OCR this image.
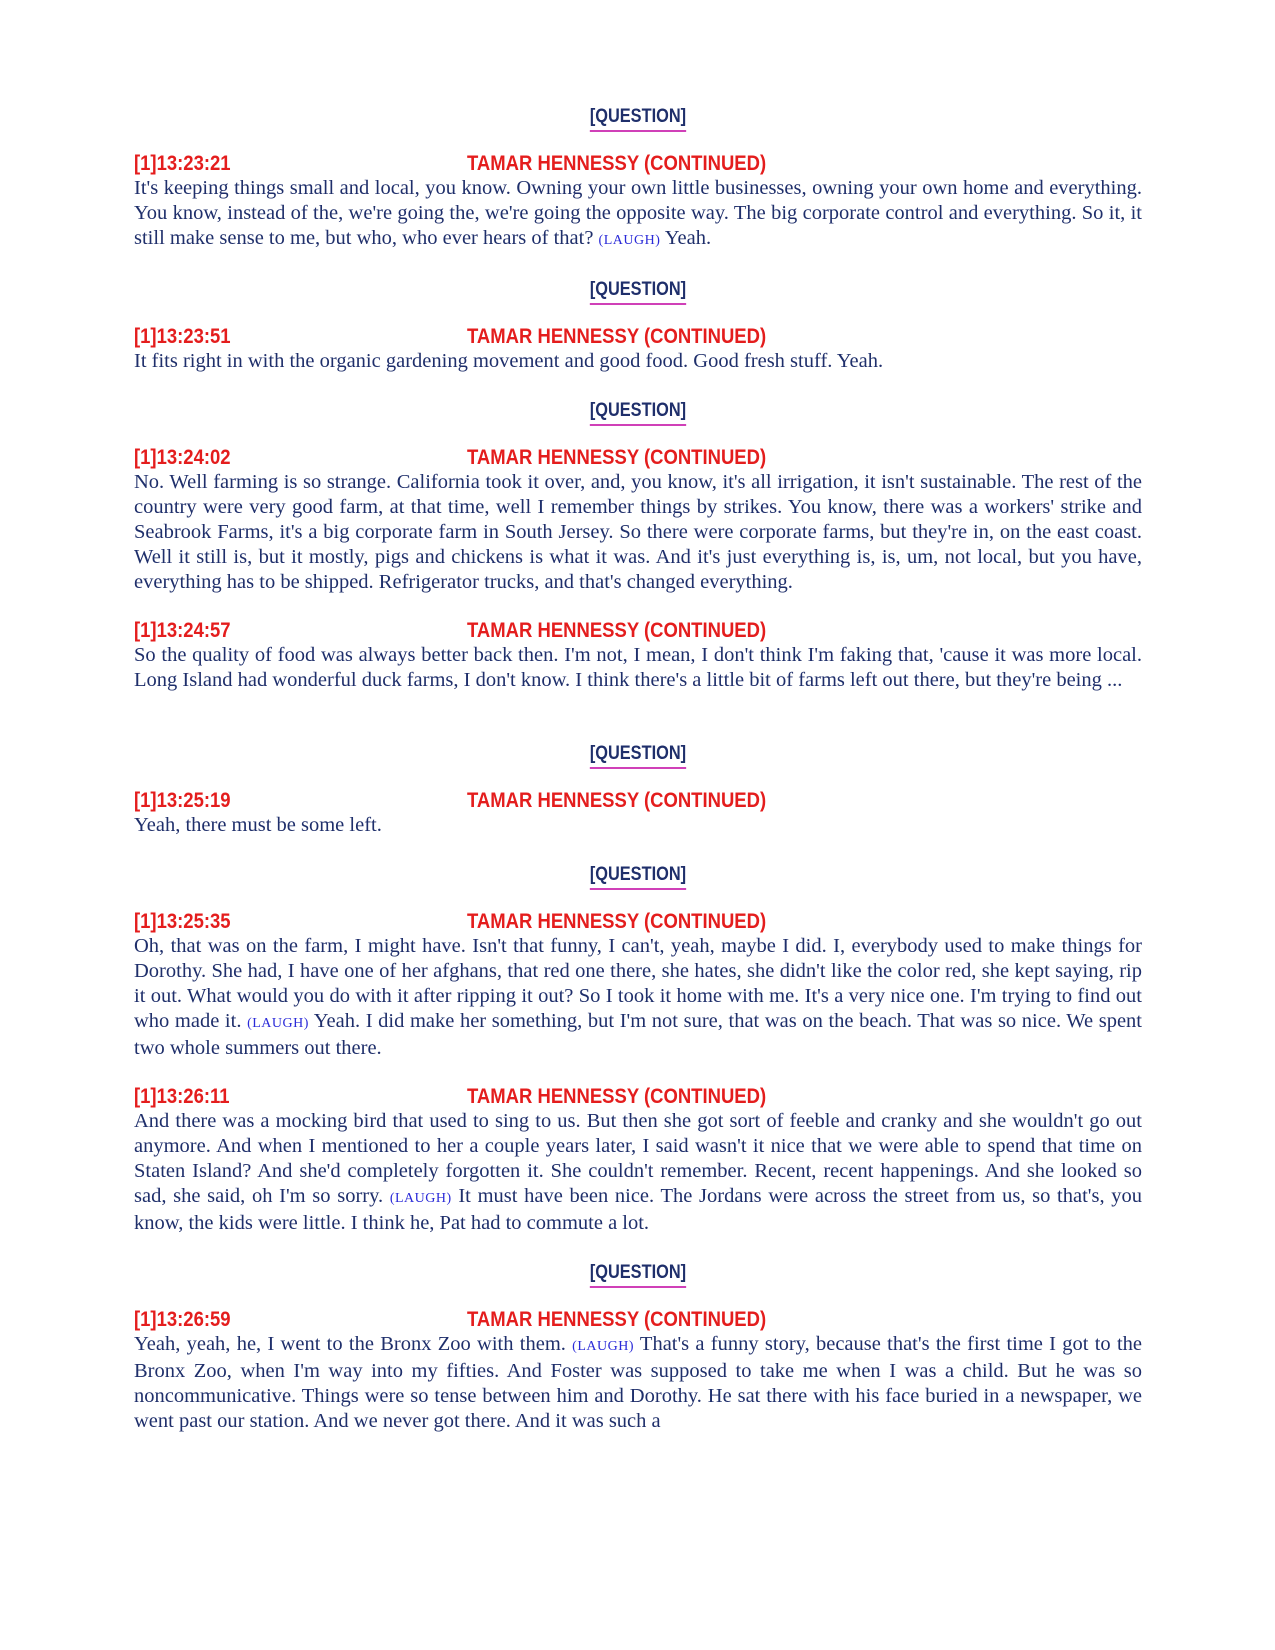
[QUESTION]
[1]13:23:21	TAMAR HENNESSY (CONTINUED)

It's keeping things small and local, you know. Owning your own little businesses, owning your own home and everything. You know, instead of the, we're going the, we're going the opposite way. The big corporate control and everything. So it, it still make sense to me, but who, who ever hears of that? (LAUGH) Yeah.

[QUESTION]
[1]13:23:51	TAMAR HENNESSY (CONTINUED)

It fits right in with the organic gardening movement and good food. Good fresh stuff. Yeah.

[QUESTION]
[1]13:24:02	TAMAR HENNESSY (CONTINUED)

No. Well farming is so strange. California took it over, and, you know, it's all irrigation, it isn't sustainable. The rest of the country were very good farm, at that time, well I remember things by strikes. You know, there was a workers' strike and Seabrook Farms, it's a big corporate farm in South Jersey. So there were corporate farms, but they're in, on the east coast. Well it still is, but it mostly, pigs and chickens is what it was. And it's just everything is, is, um, not local, but you have, everything has to be shipped. Refrigerator trucks, and that's changed everything.

[1]13:24:57	TAMAR HENNESSY (CONTINUED)

So the quality of food was always better back then. I'm not, I mean, I don't think I'm faking that, 'cause it was more local. Long Island had wonderful duck farms, I don't know. I think there's a little bit of farms left out there, but they're being ...

[QUESTION]
[1]13:25:19	TAMAR HENNESSY (CONTINUED)

Yeah, there must be some left.

[QUESTION]
[1]13:25:35	TAMAR HENNESSY (CONTINUED)

Oh, that was on the farm, I might have. Isn't that funny, I can't, yeah, maybe I did. I, everybody used to make things for Dorothy. She had, I have one of her afghans, that red one there, she hates, she didn't like the color red, she kept saying, rip it out. What would you do with it after ripping it out? So I took it home with me. It's a very nice one. I'm trying to find out who made it. (LAUGH) Yeah. I did make her something, but I'm not sure, that was on the beach. That was so nice. We spent two whole summers out there.

[1]13:26:11	TAMAR HENNESSY (CONTINUED)

And there was a mocking bird that used to sing to us. But then she got sort of feeble and cranky and she wouldn't go out anymore. And when I mentioned to her a couple years later, I said wasn't it nice that we were able to spend that time on Staten Island? And she'd completely forgotten it. She couldn't remember. Recent, recent happenings. And she looked so sad, she said, oh I'm so sorry. (LAUGH) It must have been nice. The Jordans were across the street from us, so that's, you know, the kids were little. I think he, Pat had to commute a lot.

[QUESTION]
[1]13:26:59	TAMAR HENNESSY (CONTINUED)

Yeah, yeah, he, I went to the Bronx Zoo with them. (LAUGH) That's a funny story, because that's the first time I got to the Bronx Zoo, when I'm way into my fifties. And Foster was supposed to take me when I was a child. But he was so noncommunicative. Things were so tense between him and Dorothy. He sat there with his face buried in a newspaper, we went past our station. And we never got there. And it was such a
